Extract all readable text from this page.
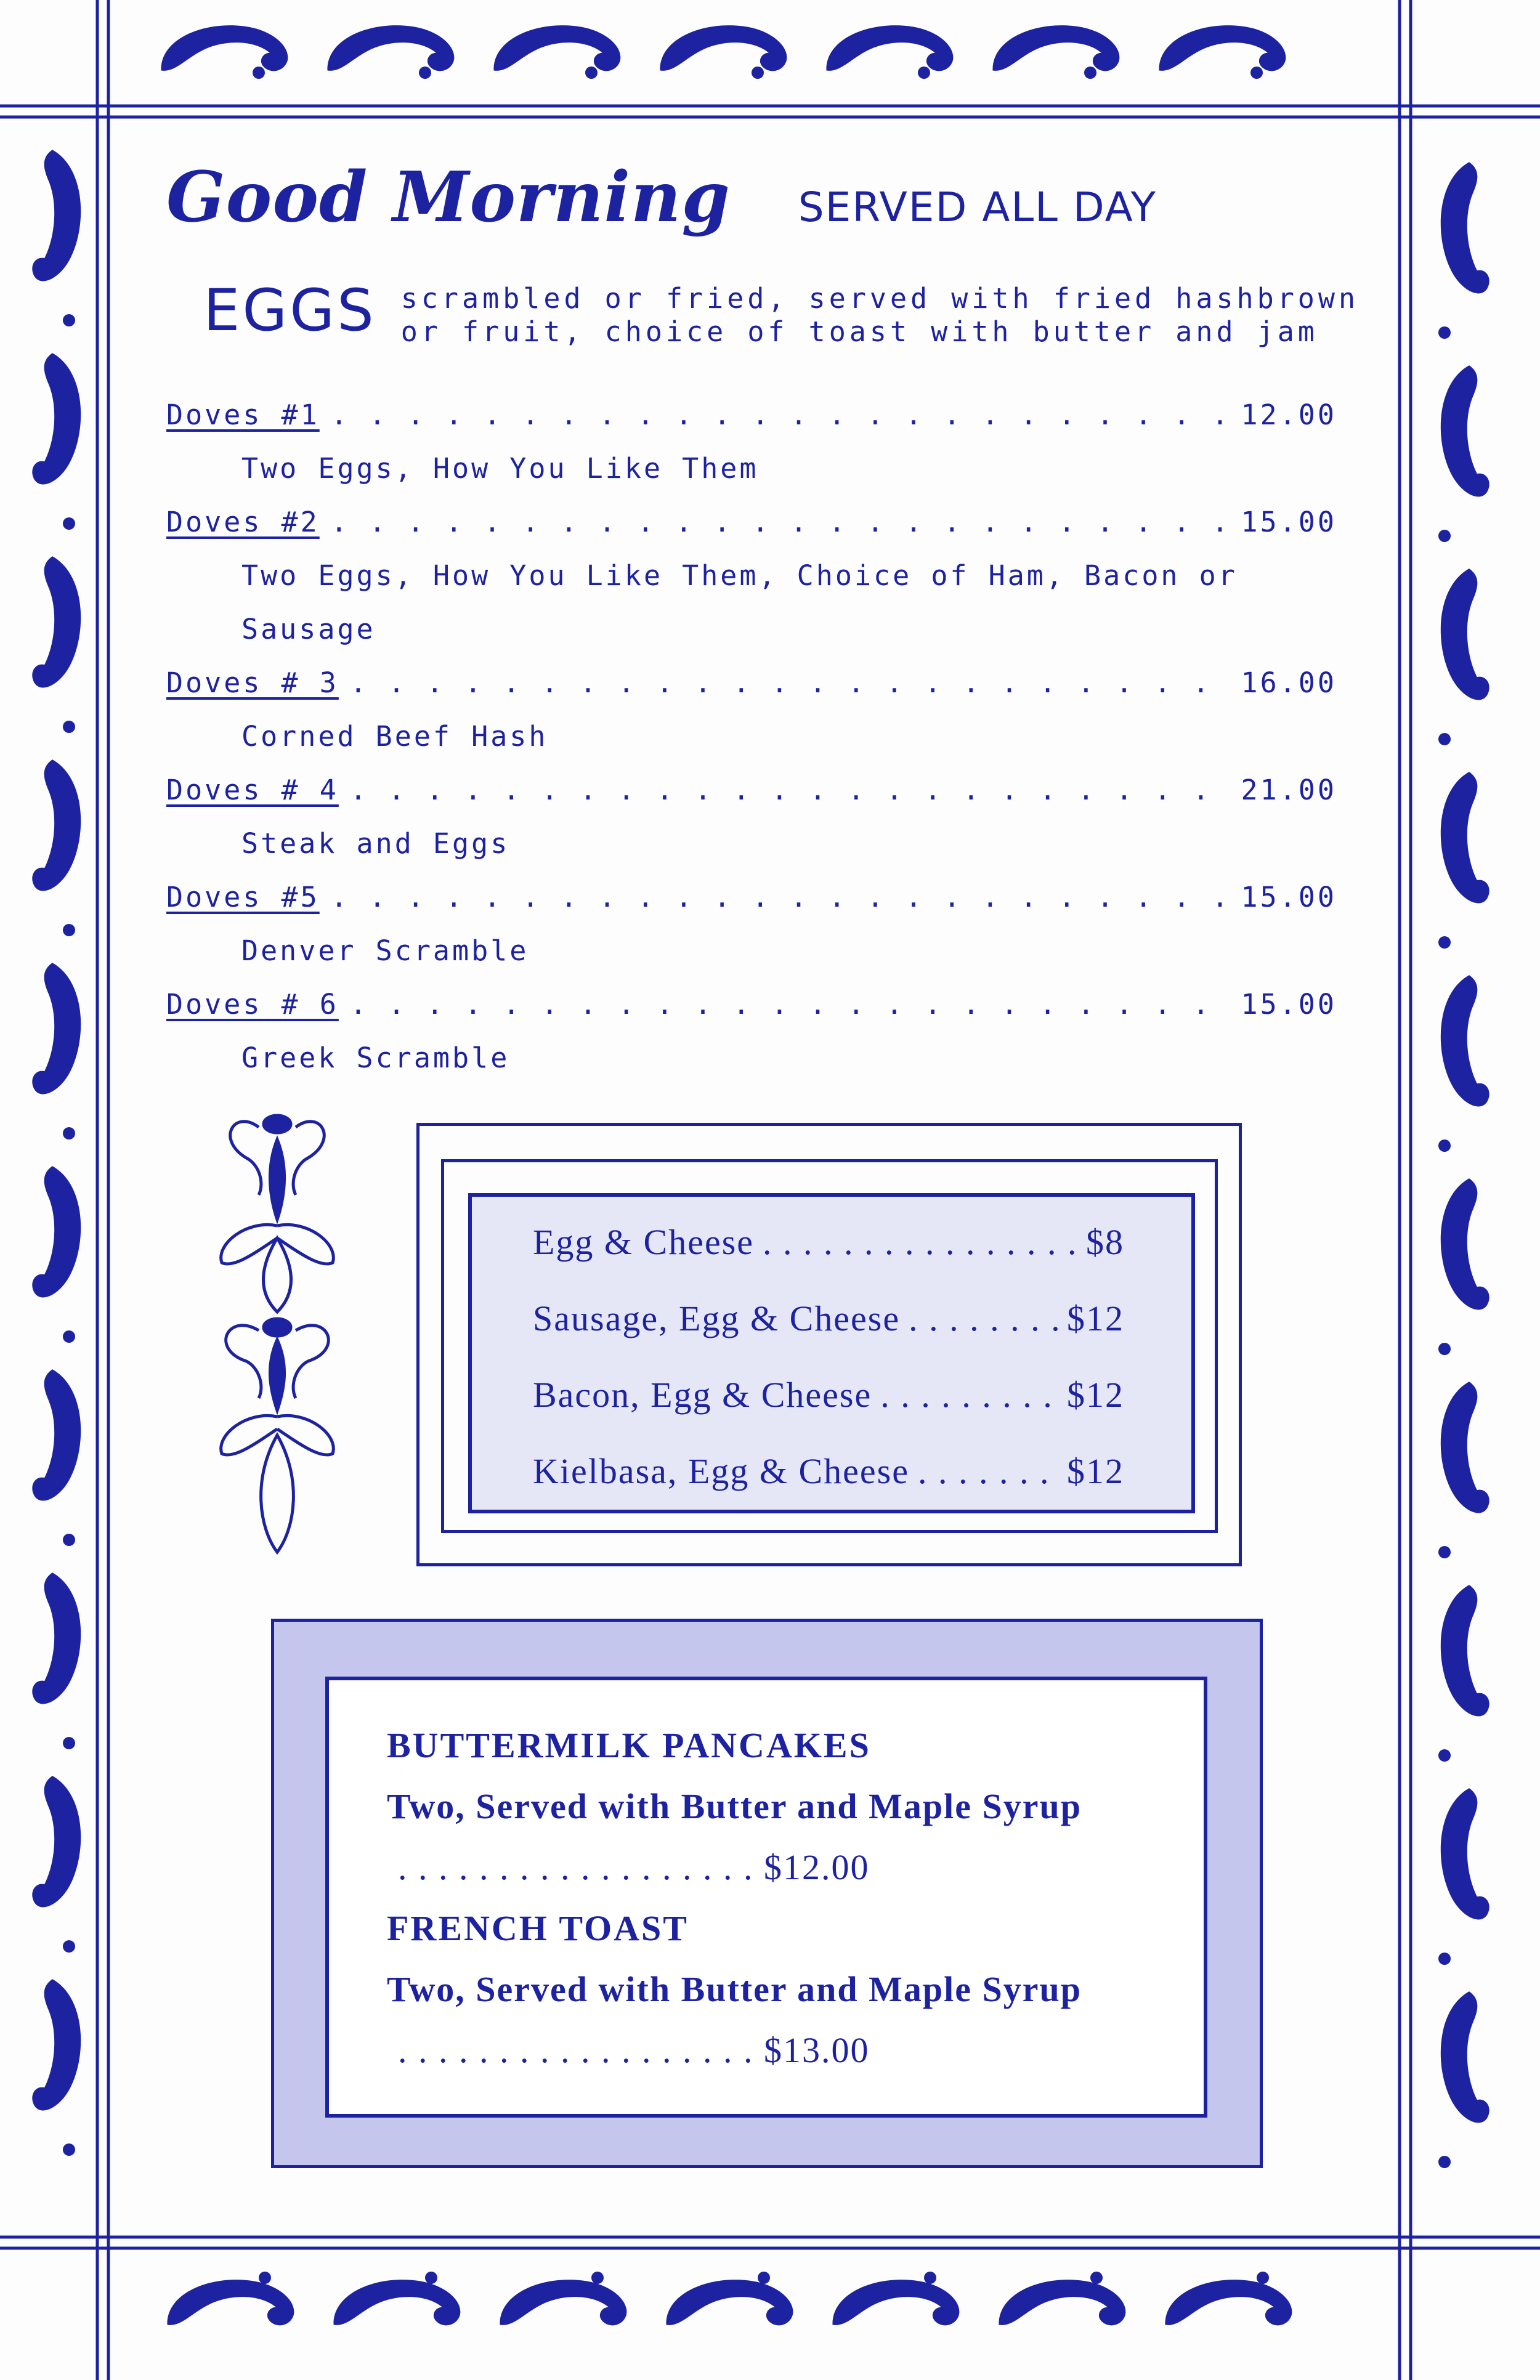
Good Morning SERVED ALL DAY
EGGS scrambled or fried, served with fried hashbrown
or fruit, choice of toast with butter and jam
Doves #1 . . .	12.00
Two Eggs, How You Like Them
Doves #2 . . .	15.00
Two Eggs, How You Like Them, Choice of Ham, Bacon or Sausage
Doves # 3 . . .	16.00
Corned Beef Hash
Doves # 4 . . .	21.00
Steak and Eggs
Doves #5 . . .	15.00
Denver Scramble
Doves # 6 . . .	15.00
Greek Scramble
Egg & Cheese . . .	$8
Sausage, Egg & Cheese . . .	$12
Bacon, Egg & Cheese . . .	$12
Kielbasa, Egg & Cheese . . .	$12
BUTTERMILK PANCAKES
Two, Served with Butter and Maple Syrup
. . . . . . . . . . . . . . . . . . $12.00
FRENCH TOAST
Two, Served with Butter and Maple Syrup
. . . . . . . . . . . . . . . . . . $13.00
